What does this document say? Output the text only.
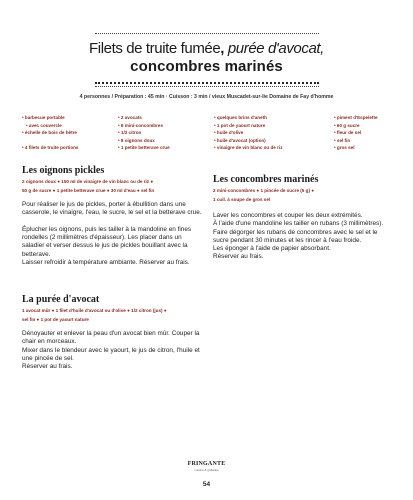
Filets de truite fumée, purée d'avocat,
concombres marinés
4 personnes / Préparation : 45 min · Cuisson : 3 min / vieux Muscadet-sur-lie Domaine de Fay d'homme
• barbecue portable
• avec couvercle
• échelle de bois de hêtre
• 4 filets de truite portions
• 2 avocats
• 8 mini-concombres
• 1/2 citron
• 8 oignons doux
• 1 petite betterave crue
• quelques brins d'aneth
• 1 pot de yaourt nature
• huile d'olive
• huile d'avocat (option)
• vinaigre de vin blanc ou de riz
• piment d'Espelette
• 60 g sucre
• fleur de sel
• sel fin
• gros sel
Les oignons pickles
2 oignons doux ● 150 ml de vinaigre de vin blanc ou de riz ●
50 g de sucre ● 1 petite betterave crue ● 30 ml d'eau ● sel fin

Pour réaliser le jus de pickles, porter à ébullition dans une casserole, le vinaigre, l'eau, le sucre, le sel et la betterave crue.

Éplucher les oignons, puis les tailler à la mandoline en fines rondelles (2 millimètres d'épaisseur). Les placer dans un saladier et verser dessus le jus de pickles bouillant avec la betterave.

Laisser refroidir à température ambiante. Réserver au frais.

La purée d'avocat
1 avocat mûr ● 1 filet d'huile d'avocat ou d'olive ● 1/2 citron (jus) ●
sel fin ● 1 pot de yaourt nature

Dénoyauter et enlever la peau d'un avocat bien mûr. Couper la chair en morceaux.

Mixer dans le blendeur avec le yaourt, le jus de citron, l'huile et une pincée de sel.

Réserver au frais.

Les concombres marinés
2 mini-concombres ● 1 pincée de sucre (5 g) ●
1 cuil. à soupe de gros sel

Laver les concombres et couper les deux extrémités.

À l'aide d'une mandoline les tailler en rubans (3 millimètres). Faire dégorger les rubans de concombres avec le sel et le sucre pendant 30 minutes et les rincer à l'eau froide.

Les éponger à l'aide de papier absorbant.

Réserver au frais.

FRINGANTE
cuisine & grillades
54
